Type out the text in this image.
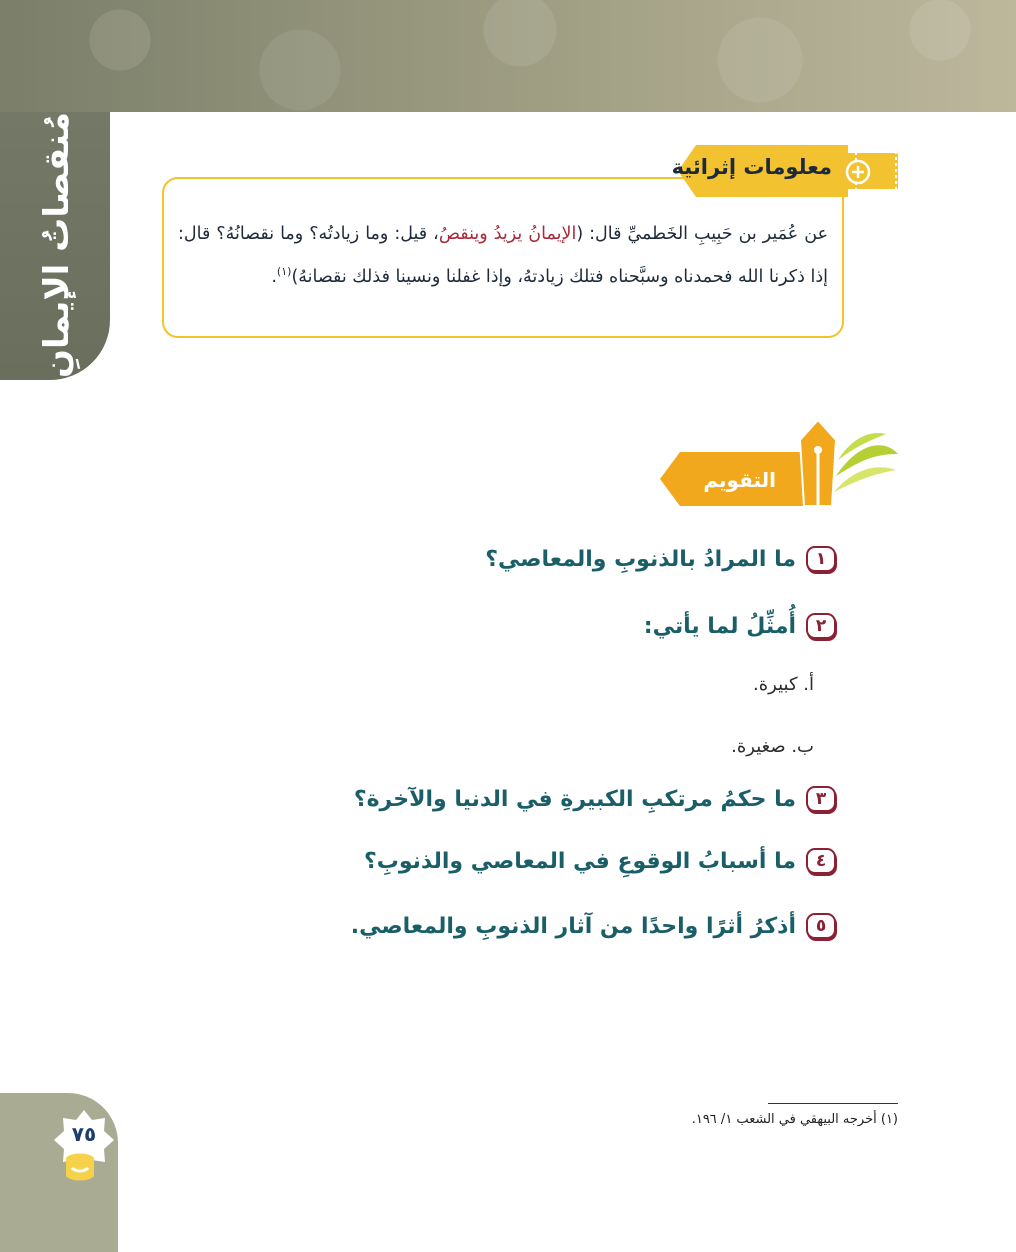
مُنقصاتُ الإيمانِ	معلومات إثرائية
عن عُمَير بن حَبِيبِ الخَطميِّ قال: (الإيمانُ يزيدُ وينقصُ، قيل: وما زيادتُه؟ وما نقصانُهُ؟ قال: إذا ذكرنا الله فحمدناه وسبَّحناه فتلك زيادتهُ، وإذا غفلنا ونسينا فذلك نقصانهُ)$^{(١)}$.
التقويم
١
ما المرادُ بالذنوبِ والمعاصي؟
٢
أُمثِّلُ لما يأتي:
أ. كبيرة.
ب. صغيرة.
٣
ما حكمُ مرتكبِ الكبيرةِ في الدنيا والآخرة؟
٤
ما أسبابُ الوقوعِ في المعاصي والذنوبِ؟
٥
أذكرُ أثرًا واحدًا من آثار الذنوبِ والمعاصي.
(١) أخرجه البيهقي في الشعب ١/ ١٩٦.
٧٥
